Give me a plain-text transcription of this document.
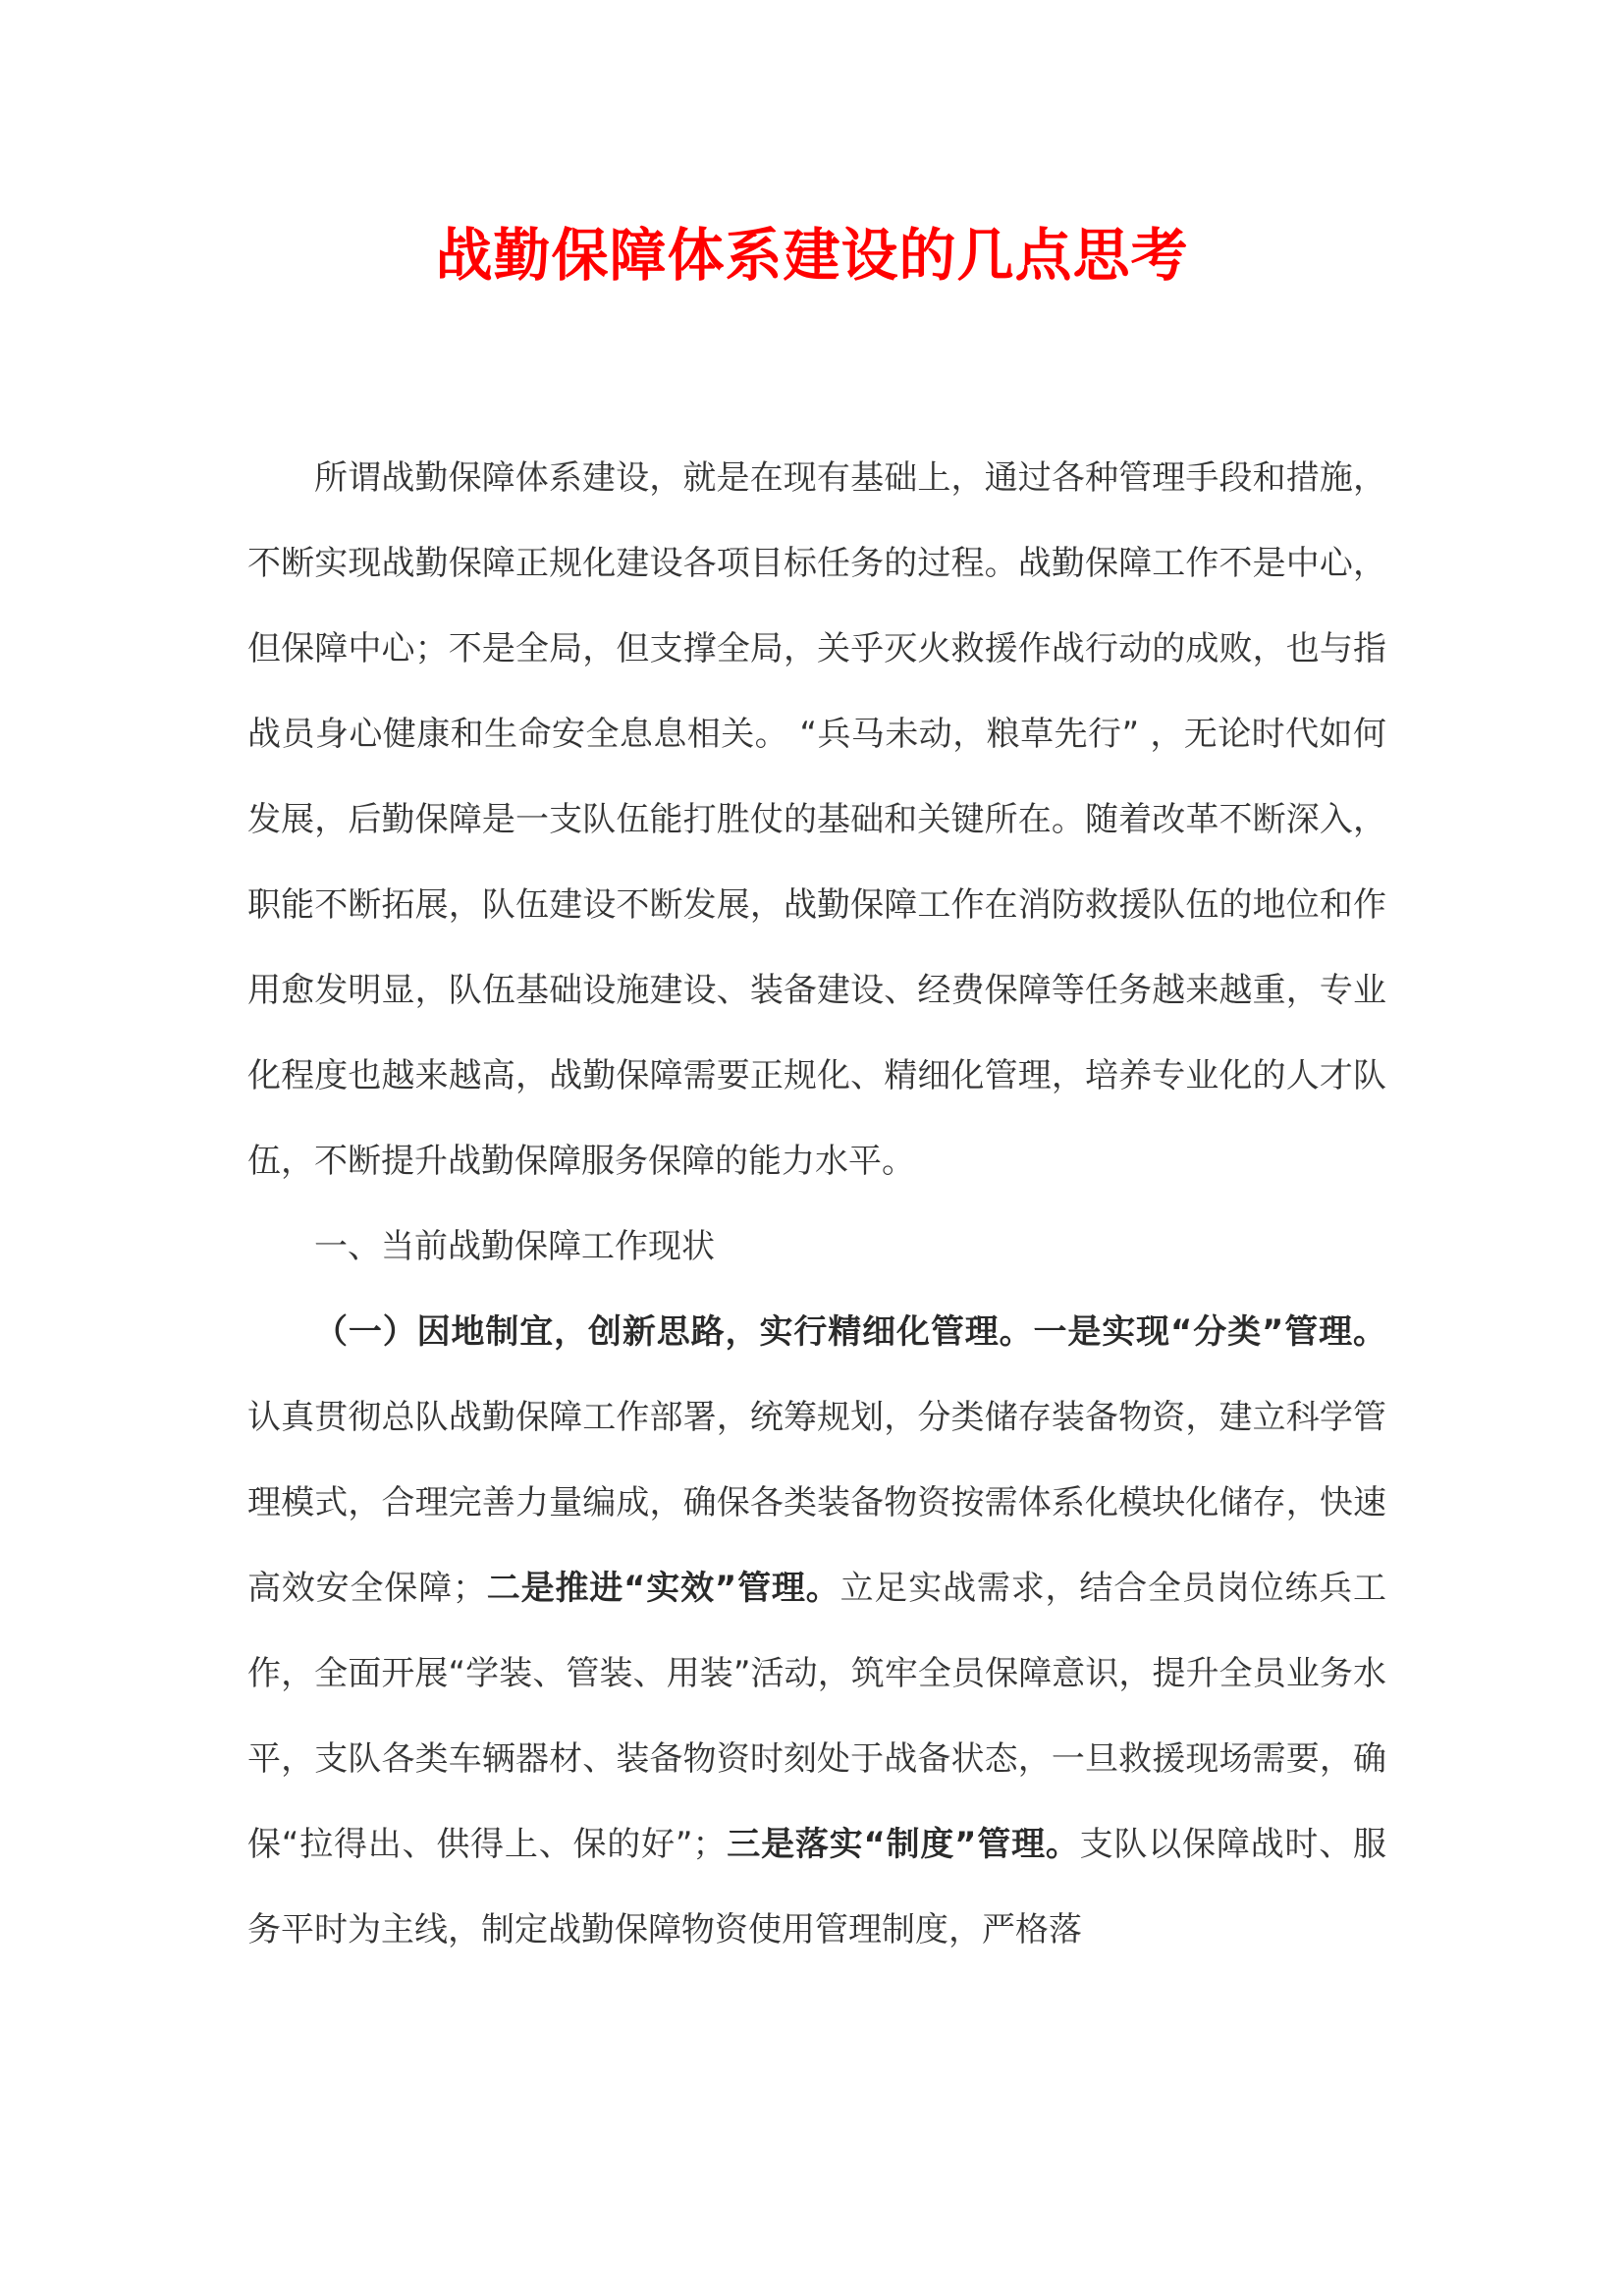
战勤保障体系建设的几点思考

所谓战勤保障体系建设，就是在现有基础上，通过各种管理手段和措施，不断实现战勤保障正规化建设各项目标任务的过程。战勤保障工作不是中心，但保障中心；不是全局，但支撑全局，关乎灭火救援作战行动的成败，也与指战员身心健康和生命安全息息相关。 “兵马未动，粮草先行” ，无论时代如何发展，后勤保障是一支队伍能打胜仗的基础和关键所在。随着改革不断深入，职能不断拓展，队伍建设不断发展，战勤保障工作在消防救援队伍的地位和作用愈发明显，队伍基础设施建设、装备建设、经费保障等任务越来越重，专业化程度也越来越高，战勤保障需要正规化、精细化管理，培养专业化的人才队伍，不断提升战勤保障服务保障的能力水平。

一、当前战勤保障工作现状

（一）因地制宜，创新思路，实行精细化管理。一是实现“分类”管理。认真贯彻总队战勤保障工作部署，统筹规划，分类储存装备物资，建立科学管理模式，合理完善力量编成，确保各类装备物资按需体系化模块化储存，快速高效安全保障；二是推进“实效”管理。立足实战需求，结合全员岗位练兵工作，全面开展“学装、管装、用装”活动，筑牢全员保障意识，提升全员业务水平，支队各类车辆器材、装备物资时刻处于战备状态，一旦救援现场需要，确保“拉得出、供得上、保的好”；三是落实“制度”管理。支队以保障战时、服务平时为主线，制定战勤保障物资使用管理制度，严格落
